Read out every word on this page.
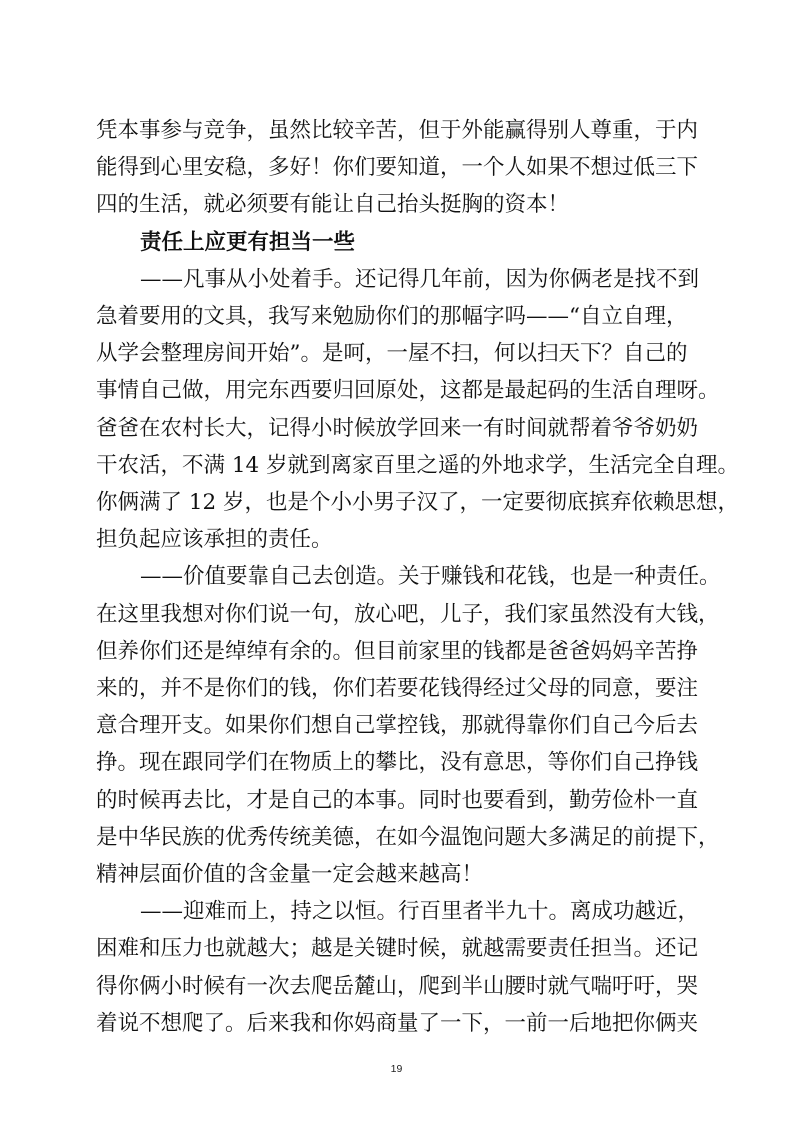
凭本事参与竞争，虽然比较辛苦，但于外能赢得别人尊重，于内
能得到心里安稳，多好！你们要知道，一个人如果不想过低三下
四的生活，就必须要有能让自己抬头挺胸的资本！
责任上应更有担当一些
——凡事从小处着手。还记得几年前，因为你俩老是找不到
急着要用的文具，我写来勉励你们的那幅字吗——“自立自理，
从学会整理房间开始”。是呵，一屋不扫，何以扫天下？自己的
事情自己做，用完东西要归回原处，这都是最起码的生活自理呀。
爸爸在农村长大，记得小时候放学回来一有时间就帮着爷爷奶奶
干农活，不满 14 岁就到离家百里之遥的外地求学，生活完全自理。
你俩满了 12 岁，也是个小小男子汉了，一定要彻底摈弃依赖思想，
担负起应该承担的责任。
——价值要靠自己去创造。关于赚钱和花钱，也是一种责任。
在这里我想对你们说一句，放心吧，儿子，我们家虽然没有大钱，
但养你们还是绰绰有余的。但目前家里的钱都是爸爸妈妈辛苦挣
来的，并不是你们的钱，你们若要花钱得经过父母的同意，要注
意合理开支。如果你们想自己掌控钱，那就得靠你们自己今后去
挣。现在跟同学们在物质上的攀比，没有意思，等你们自己挣钱
的时候再去比，才是自己的本事。同时也要看到，勤劳俭朴一直
是中华民族的优秀传统美德，在如今温饱问题大多满足的前提下，
精神层面价值的含金量一定会越来越高！
——迎难而上，持之以恒。行百里者半九十。离成功越近，
困难和压力也就越大；越是关键时候，就越需要责任担当。还记
得你俩小时候有一次去爬岳麓山，爬到半山腰时就气喘吁吁，哭
着说不想爬了。后来我和你妈商量了一下，一前一后地把你俩夹
19
